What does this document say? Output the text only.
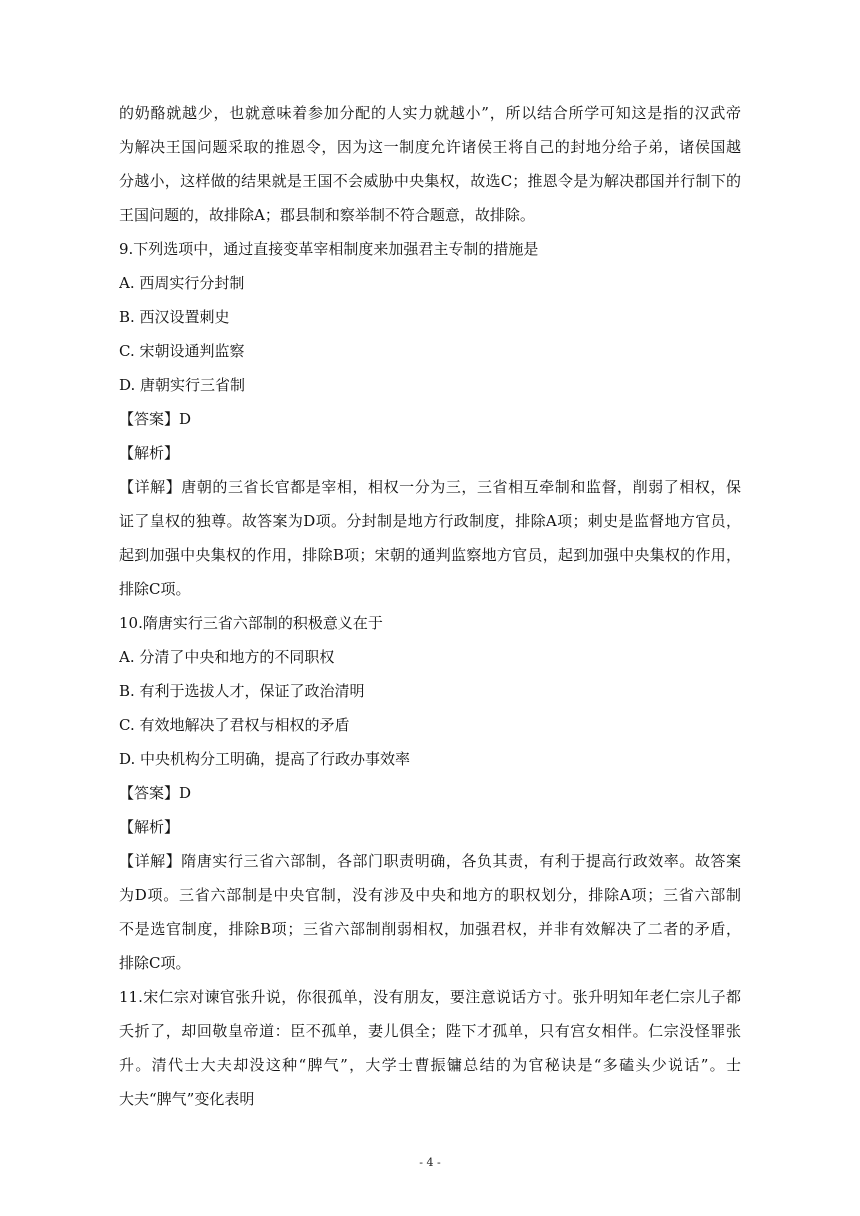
的奶酪就越少，也就意味着参加分配的人实力就越小”，所以结合所学可知这是指的汉武帝
为解决王国问题采取的推恩令，因为这一制度允许诸侯王将自己的封地分给子弟，诸侯国越
分越小，这样做的结果就是王国不会威胁中央集权，故选C；推恩令是为解决郡国并行制下的
王国问题的，故排除A；郡县制和察举制不符合题意，故排除。
9.下列选项中，通过直接变革宰相制度来加强君主专制的措施是
A. 西周实行分封制
B. 西汉设置刺史
C. 宋朝设通判监察
D. 唐朝实行三省制
【答案】D
【解析】
【详解】唐朝的三省长官都是宰相，相权一分为三，三省相互牵制和监督，削弱了相权，保
证了皇权的独尊。故答案为D项。分封制是地方行政制度，排除A项；刺史是监督地方官员，
起到加强中央集权的作用，排除B项；宋朝的通判监察地方官员，起到加强中央集权的作用，
排除C项。
10.隋唐实行三省六部制的积极意义在于
A. 分清了中央和地方的不同职权
B. 有利于选拔人才，保证了政治清明
C. 有效地解决了君权与相权的矛盾
D. 中央机构分工明确，提高了行政办事效率
【答案】D
【解析】
【详解】隋唐实行三省六部制，各部门职责明确，各负其责，有利于提高行政效率。故答案
为D项。三省六部制是中央官制，没有涉及中央和地方的职权划分，排除A项；三省六部制
不是选官制度，排除B项；三省六部制削弱相权，加强君权，并非有效解决了二者的矛盾，
排除C项。
11.宋仁宗对谏官张升说，你很孤单，没有朋友，要注意说话方寸。张升明知年老仁宗儿子都
夭折了，却回敬皇帝道：臣不孤单，妻儿俱全；陛下才孤单，只有宫女相伴。仁宗没怪罪张
升。清代士大夫却没这种“脾气”，大学士曹振镛总结的为官秘诀是“多磕头少说话”。士
大夫“脾气”变化表明
- 4 -
